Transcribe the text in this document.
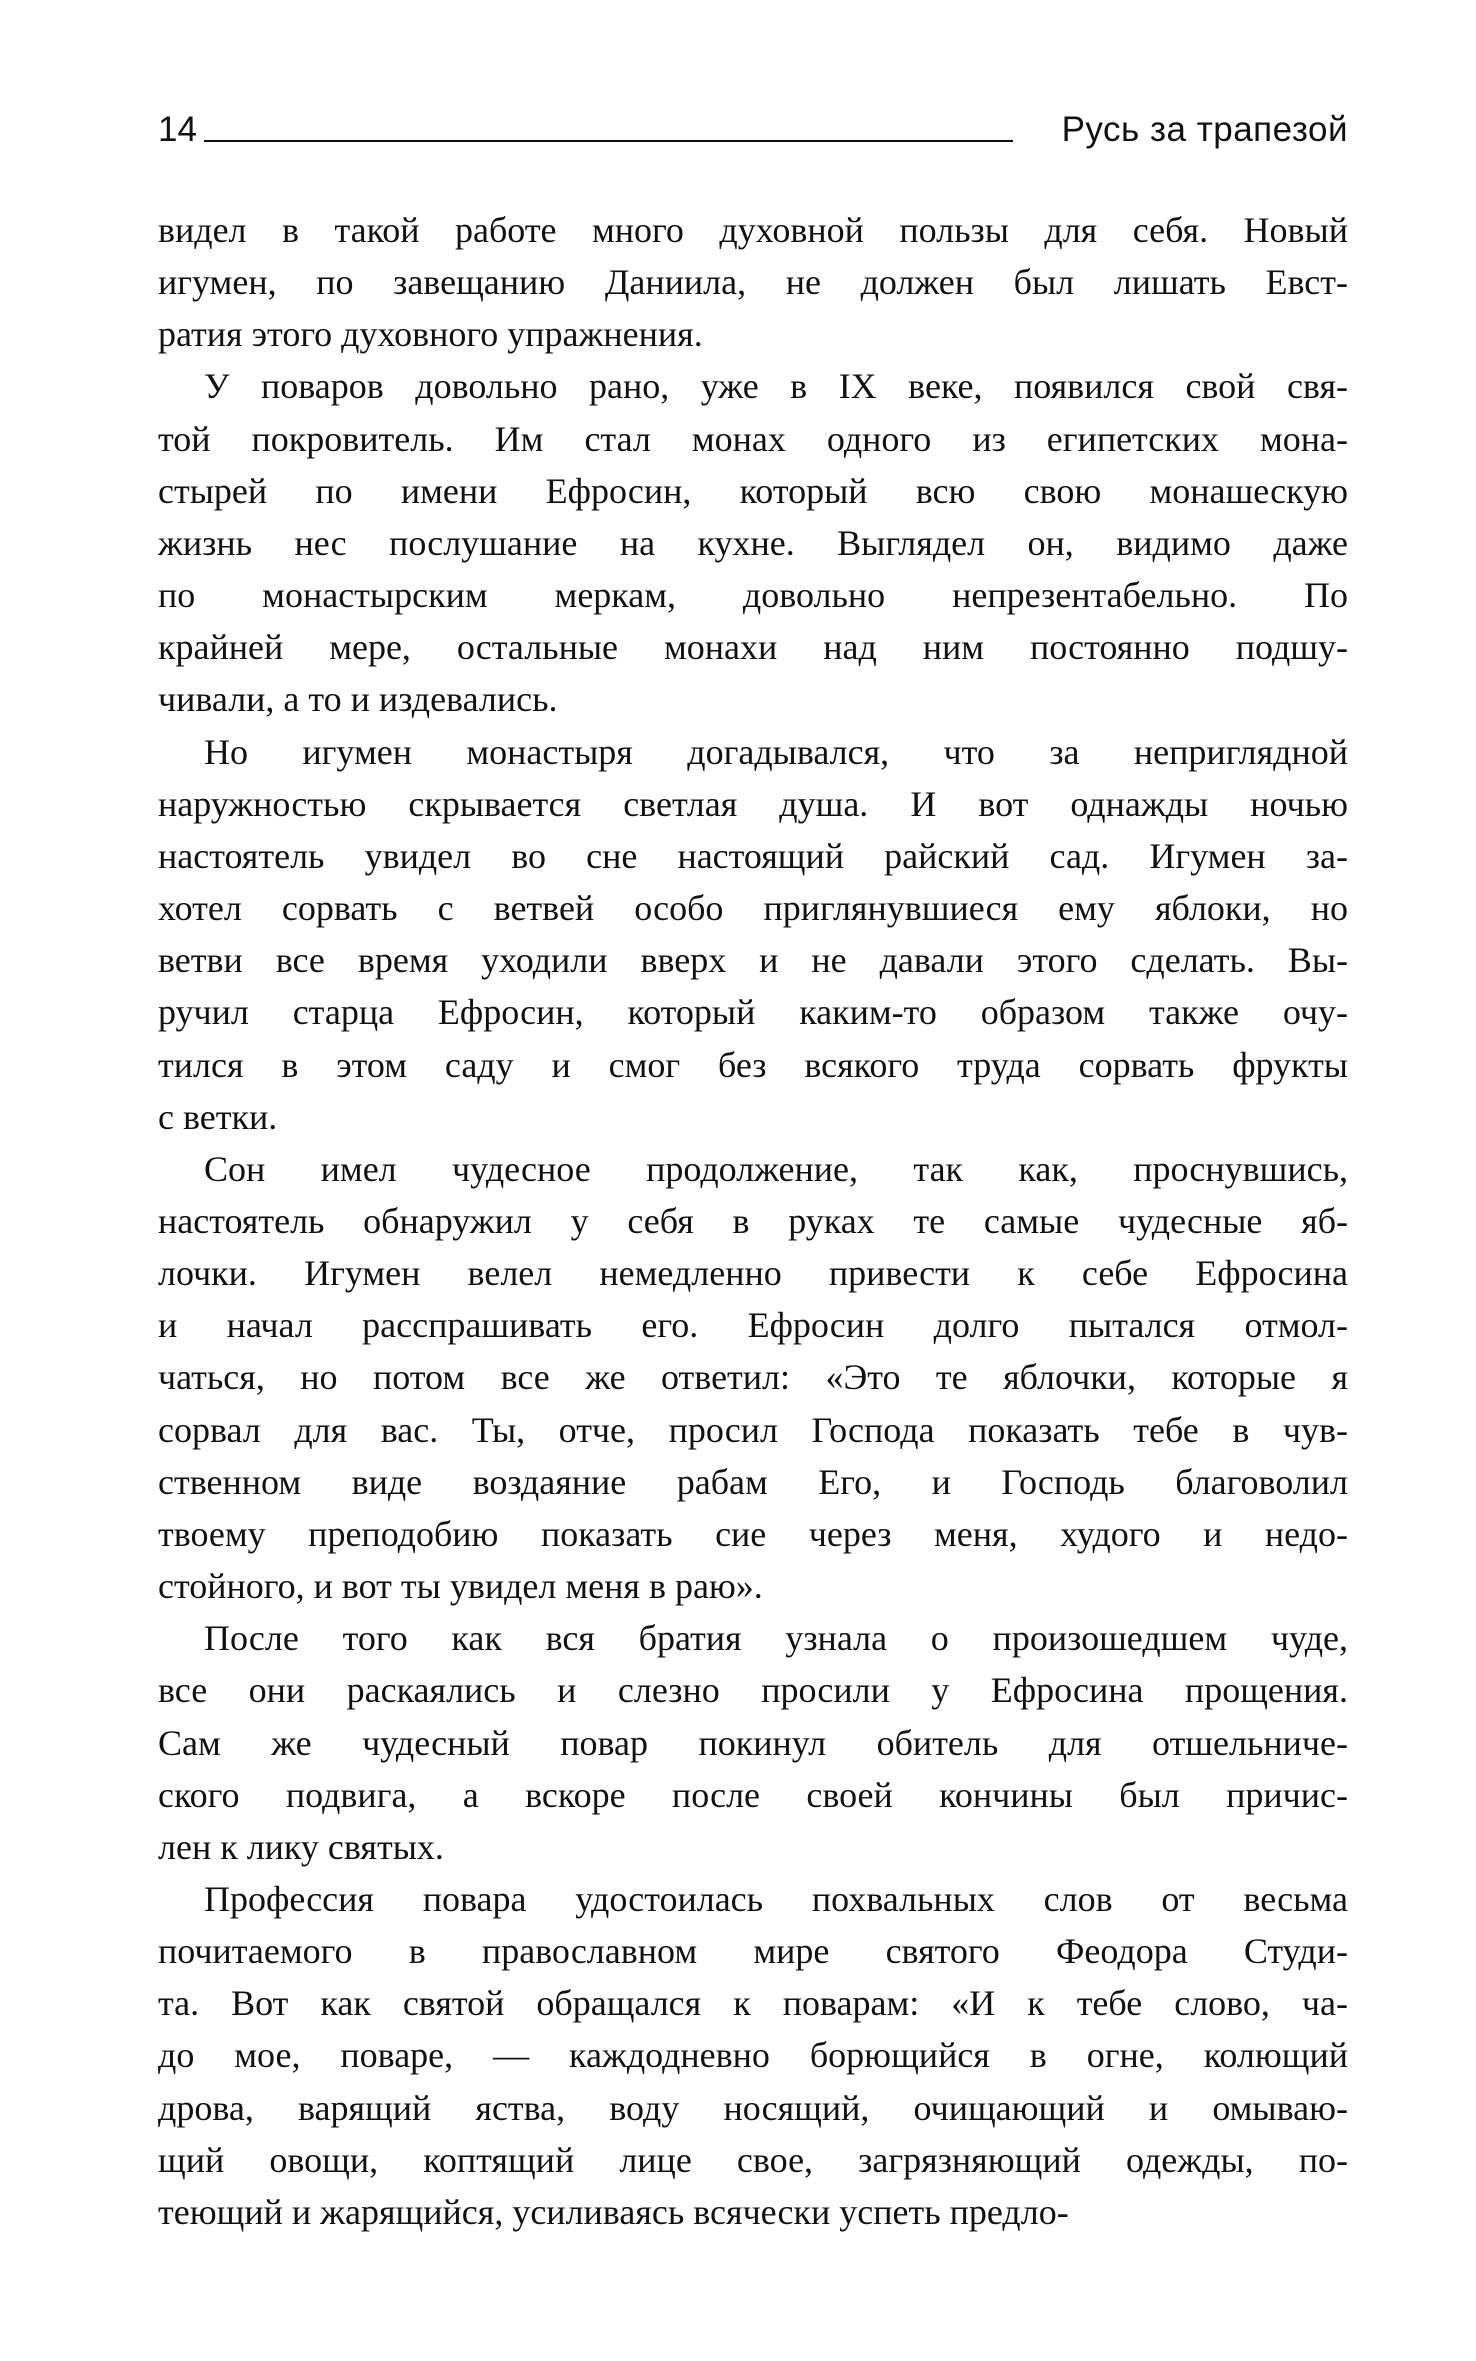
14	Русь за трапезой
видел в такой работе много духовной пользы для себя. Новый
игумен, по завещанию Даниила, не должен был лишать Евст-
ратия этого духовного упражнения.
У поваров довольно рано, уже в IX веке, появился свой свя-
той покровитель. Им стал монах одного из египетских мона-
стырей по имени Ефросин, который всю свою монашескую
жизнь нес послушание на кухне. Выглядел он, видимо даже
по монастырским меркам, довольно непрезентабельно. По
крайней мере, остальные монахи над ним постоянно подшу-
чивали, а то и издевались.
Но игумен монастыря догадывался, что за неприглядной
наружностью скрывается светлая душа. И вот однажды ночью
настоятель увидел во сне настоящий райский сад. Игумен за-
хотел сорвать с ветвей особо приглянувшиеся ему яблоки, но
ветви все время уходили вверх и не давали этого сделать. Вы-
ручил старца Ефросин, который каким-то образом также очу-
тился в этом саду и смог без всякого труда сорвать фрукты
с ветки.
Сон имел чудесное продолжение, так как, проснувшись,
настоятель обнаружил у себя в руках те самые чудесные яб-
лочки. Игумен велел немедленно привести к себе Ефросина
и начал расспрашивать его. Ефросин долго пытался отмол-
чаться, но потом все же ответил: «Это те яблочки, которые я
сорвал для вас. Ты, отче, просил Господа показать тебе в чув-
ственном виде воздаяние рабам Его, и Господь благоволил
твоему преподобию показать сие через меня, худого и недо-
стойного, и вот ты увидел меня в раю».
После того как вся братия узнала о произошедшем чуде,
все они раскаялись и слезно просили у Ефросина прощения.
Сам же чудесный повар покинул обитель для отшельниче-
ского подвига, а вскоре после своей кончины был причис-
лен к лику святых.
Профессия повара удостоилась похвальных слов от весьма
почитаемого в православном мире святого Феодора Студи-
та. Вот как святой обращался к поварам: «И к тебе слово, ча-
до мое, поваре, — каждодневно борющийся в огне, колющий
дрова, варящий яства, воду носящий, очищающий и омываю-
щий овощи, коптящий лице свое, загрязняющий одежды, по-
теющий и жарящийся, усиливаясь всячески успеть предло-
